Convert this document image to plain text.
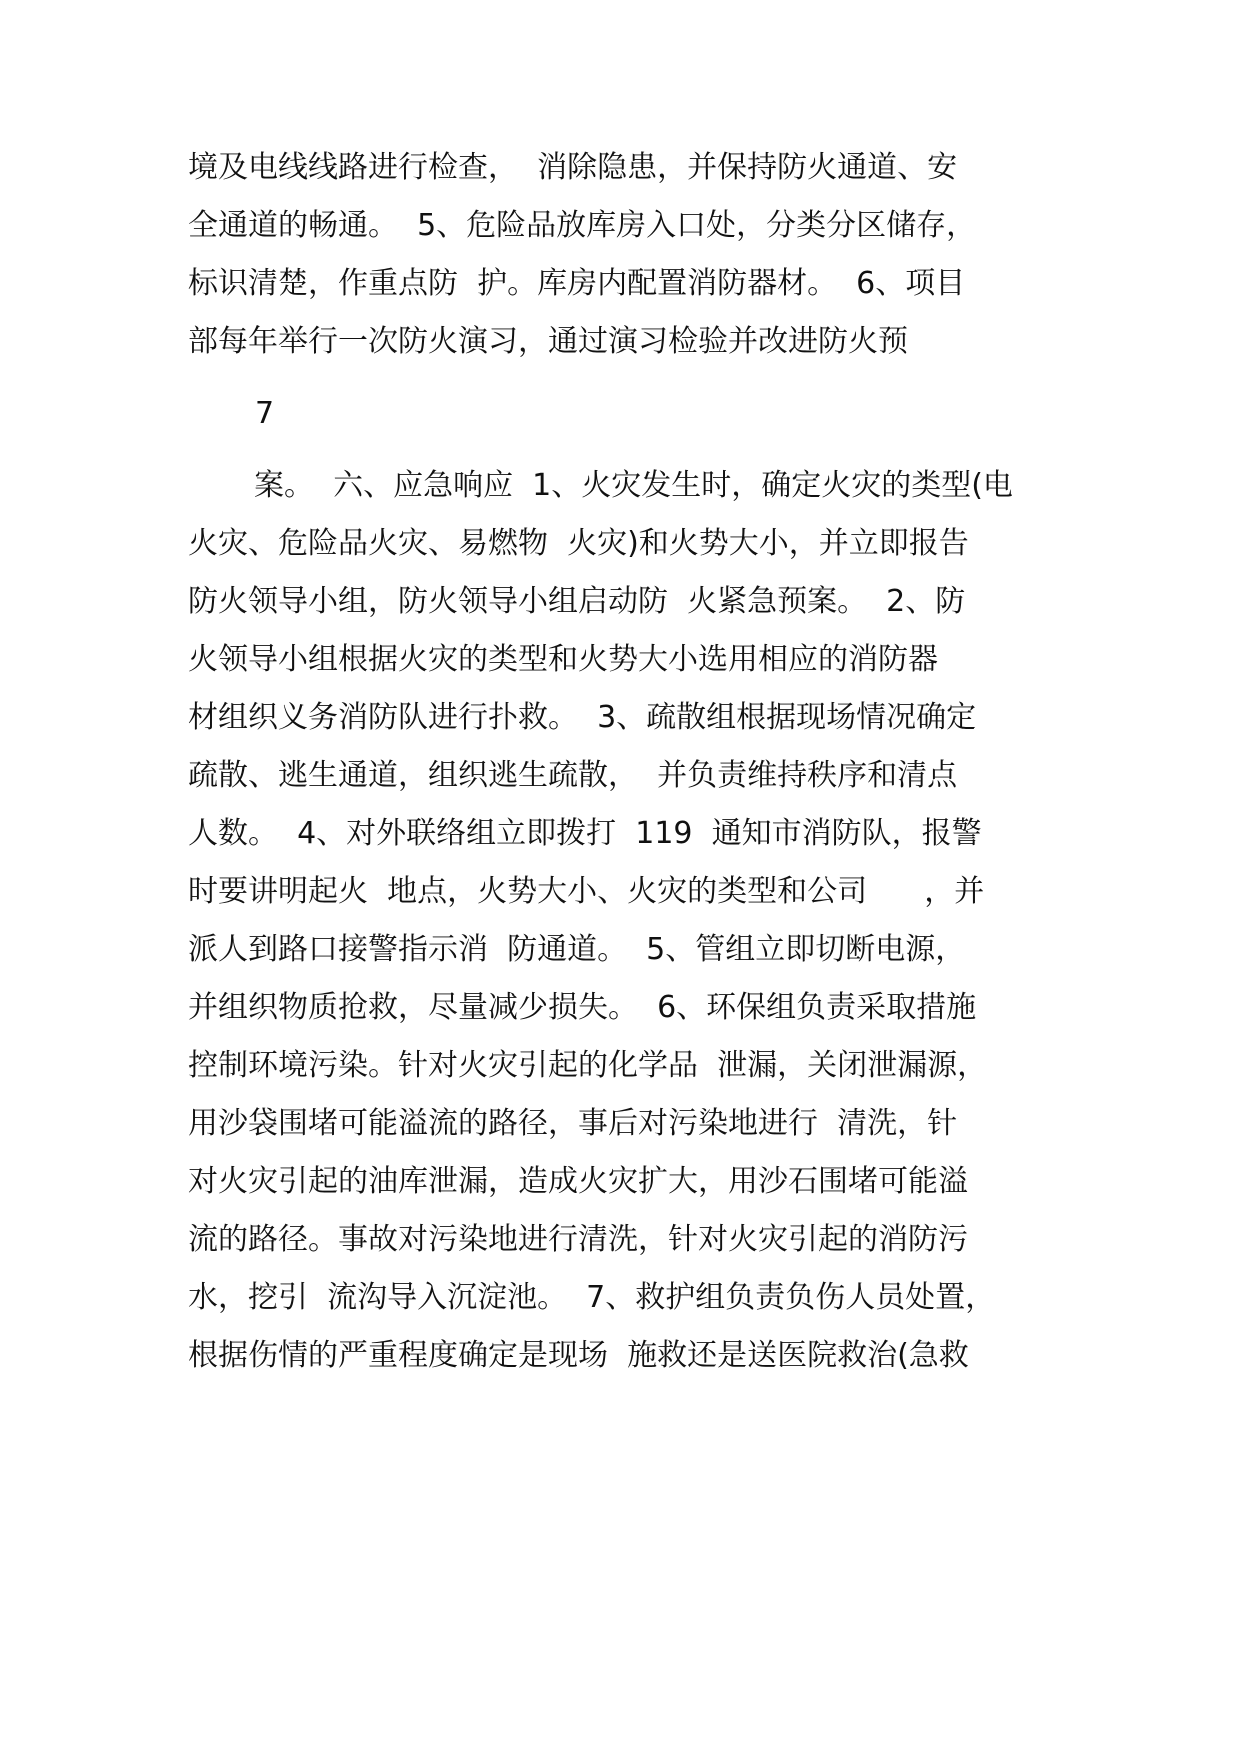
境及电线线路进行检查，  消除隐患，并保持防火通道、安
全通道的畅通。  5、危险品放库房入口处，分类分区储存，
标识清楚，作重点防  护。库房内配置消防器材。  6、项目
部每年举行一次防火演习，通过演习检验并改进防火预
7
案。  六、应急响应  1、火灾发生时，确定火灾的类型(电
火灾、危险品火灾、易燃物  火灾)和火势大小，并立即报告
防火领导小组，防火领导小组启动防  火紧急预案。  2、防
火领导小组根据火灾的类型和火势大小选用相应的消防器
材组织义务消防队进行扑救。  3、疏散组根据现场情况确定
疏散、逃生通道，组织逃生疏散，  并负责维持秩序和清点
人数。  4、对外联络组立即拨打  119  通知市消防队，报警
时要讲明起火  地点，火势大小、火灾的类型和公司      ，并
派人到路口接警指示消  防通道。  5、管组立即切断电源，
并组织物质抢救，尽量减少损失。  6、环保组负责采取措施
控制环境污染。针对火灾引起的化学品  泄漏，关闭泄漏源，
用沙袋围堵可能溢流的路径，事后对污染地进行  清洗，针
对火灾引起的油库泄漏，造成火灾扩大，用沙石围堵可能溢
流的路径。事故对污染地进行清洗，针对火灾引起的消防污
水，挖引  流沟导入沉淀池。  7、救护组负责负伤人员处置，
根据伤情的严重程度确定是现场  施救还是送医院救治(急救
